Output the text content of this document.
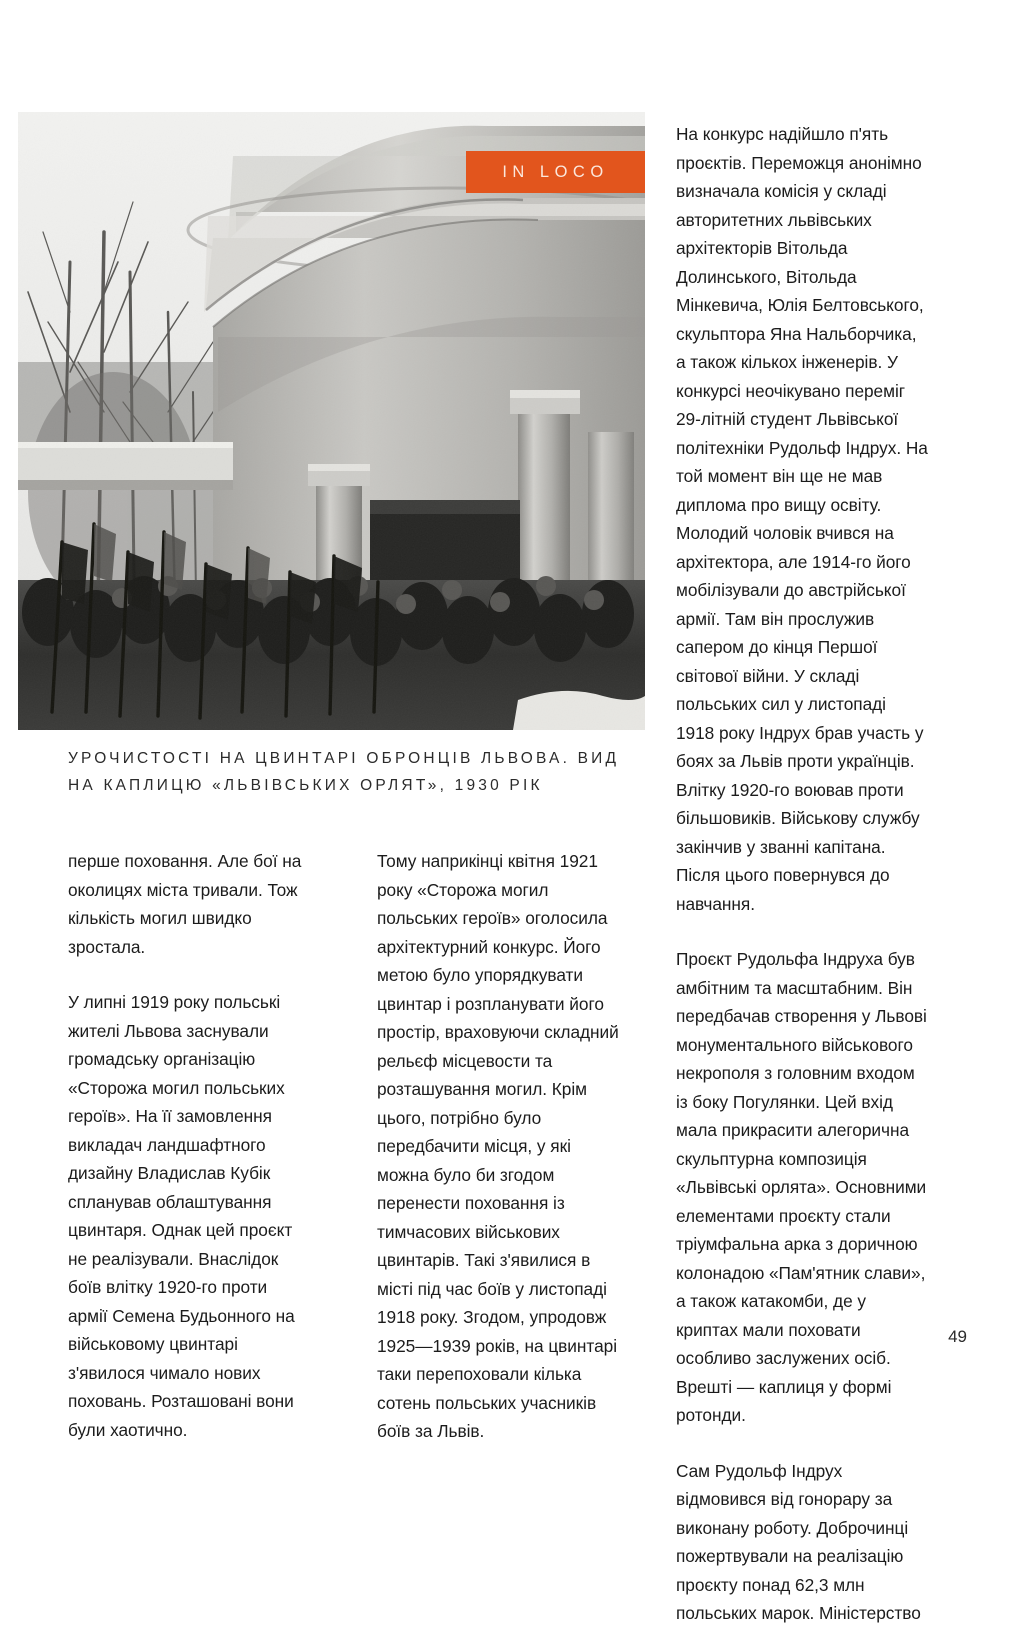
IN LOCO
УРОЧИСТОСТІ НА ЦВИНТАРІ ОБРОНЦІВ ЛЬВОВА. ВИД НА КАПЛИЦЮ «ЛЬВІВСЬКИХ ОРЛЯТ», 1930 РІК

перше поховання. Але бої на околицях міста тривали. Тож кількість могил швидко зростала.

У липні 1919 року польські жителі Львова заснували громадську організацію «Сторожа могил польських героїв». На її замовлення викладач ландшафтного дизайну Владислав Кубік спланував облаштування цвинтаря. Однак цей проєкт не реалізували. Внаслідок боїв влітку 1920-го проти армії Семена Будьонного на військовому цвинтарі з'явилося чимало нових поховань. Розташовані вони були хаотично.

Тому наприкінці квітня 1921 року «Сторожа могил польських героїв» оголосила архітектурний конкурс. Його метою було упорядкувати цвинтар і розпланувати його простір, враховуючи складний рельєф місцевости та розташування могил. Крім цього, потрібно було передбачити місця, у які можна було би згодом перенести поховання із тимчасових військових цвинтарів. Такі з'явилися в місті під час боїв у листопаді 1918 року. Згодом, упродовж 1925—1939 років, на цвинтарі таки перепоховали кілька сотень польських учасників боїв за Львів.

На конкурс надійшло п'ять проєктів. Переможця анонімно визначала комісія у складі авторитетних львівських архітекторів Вітольда Долинського, Вітольда Мінкевича, Юлія Белтовського, скульптора Яна Нальборчика, а також кількох інженерів. У конкурсі неочікувано переміг 29-літній студент Львівської політехніки Рудольф Індрух. На той момент він ще не мав диплома про вищу освіту. Молодий чоловік вчився на архітектора, але 1914-го його мобілізували до австрійської армії. Там він прослужив сапером до кінця Першої світової війни. У складі польських сил у листопаді 1918 року Індрух брав участь у боях за Львів проти українців. Влітку 1920-го воював проти більшовиків. Військову службу закінчив у званні капітана. Після цього повернувся до навчання.

Проєкт Рудольфа Індруха був амбітним та масштабним. Він передбачав створення у Львові монументального військового некрополя з головним входом із боку Погулянки. Цей вхід мала прикрасити алегорична скульптурна композиція «Львівські орлята». Основними елементами проєкту стали тріумфальна арка з доричною колонадою «Пам'ятник слави», а також катакомби, де у криптах мали поховати особливо заслужених осіб. Врешті — каплиця у формі ротонди.

Сам Рудольф Індрух відмовився від гонорару за виконану роботу. Доброчинці пожертвували на реалізацію проєкту понад 62,3 млн польських марок. Міністерство

49
